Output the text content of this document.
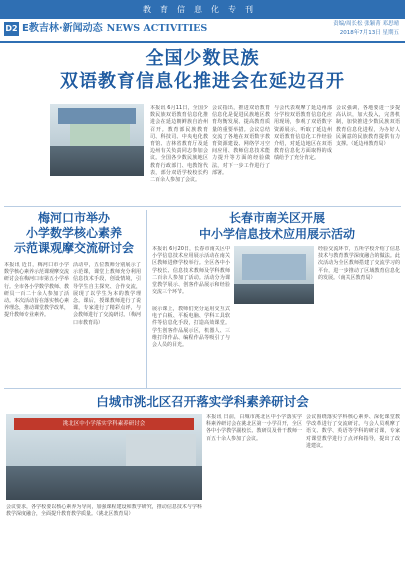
教育信息化专刊
D2 E教吉林·新闻动态 NEWS ACTIVITIES	责编/周长松 张颖菁 邓思晴
2018年7月13日 星期五
全国少数民族
双语教育信息化推进会在延边召开
本报讯 6月11日，全国少数民族双语教育信息化推进会在延边朝鲜族自治州召开。教育部民族教育司、科技司、中央电化教育馆、吉林省教育厅及延边州有关负责同志参加会议。全国各少数民族地区教育行政部门、电教馆代表，部分双语学校校长约二百余人参加了会议。
会议指出，推进双语教育信息化是促进民族地区教育均衡发展、提高教育质量的重要举措。会议总结交流了各地在双语数字教育资源建设、网络学习空间应用、教师信息技术能力提升等方面的经验做法，对下一步工作进行了部署。
与会代表观摩了延边州部分学校双语教育信息化应用现场，参观了双语数字资源展示，听取了延边州双语教育信息化工作经验介绍，对延边地区在双语教育信息化方面取得的成绩给予了充分肯定。
会议强调，各地要进一步提高认识，加大投入，完善机制，加快推进少数民族双语教育信息化进程，为办好人民满意的民族教育提供有力支撑。（延边州教育局）
梅河口市举办
小学数学核心素养
示范课观摩交流研讨会
本报讯 近日，梅河口市小学数学核心素养示范课观摩交流研讨会在梅河口市第五小学举行。全市各小学数学教师、教研员一百二十余人参加了活动。本次活动旨在落实核心素养理念，推动课堂教学改革，提升教师专业素养。
活动中，五位教师分别展示了示范课，课堂上教师充分利用信息技术手段，创设情境，引导学生自主探究、合作交流，展现了以学生为本的教学理念。课后，授课教师进行了说课，专家进行了精彩点评，与会教师进行了交流研讨。（梅河口市教育局）
长春市南关区开展
中小学信息技术应用展示活动
本报讯 6月20日，长春市南关区中小学信息技术应用展示活动在南关区教师进修学校举行。全区各中小学校长、信息技术教师及学科教师二百余人参加了活动。活动分为课堂教学展示、创客作品展示和经验交流三个环节。
展示课上，教师们充分运用交互式电子白板、平板电脑、学科工具软件等信息化手段，打造高效课堂。学生创客作品展示区，机器人、三维打印作品、编程作品等吸引了与会人员的目光。
经验交流环节，五所学校介绍了信息技术与教育教学深度融合的做法。此次活动为全区教师搭建了交流学习的平台，进一步推动了区域教育信息化的发展。（南关区教育局）
白城市洮北区召开落实学科素养研讨会
洮北区中小学落实学科素养研讨会
本报讯 日前，白城市洮北区中小学落实学科素养研讨会在洮北区第一小学召开，全区各中小学教学副校长、教研员及骨干教师一百五十余人参加了会议。
会议围绕落实学科核心素养、深化课堂教学改革进行了交流研讨。与会人员观摩了语文、数学、英语等学科的研讨课，专家对课堂教学进行了点评和指导，提出了改进建议。
会议要求，各学校要以核心素养为导向，加强课程建设和教学研究，推动信息技术与学科教学深度融合，全面提升教育教学质量。（洮北区教育局）
